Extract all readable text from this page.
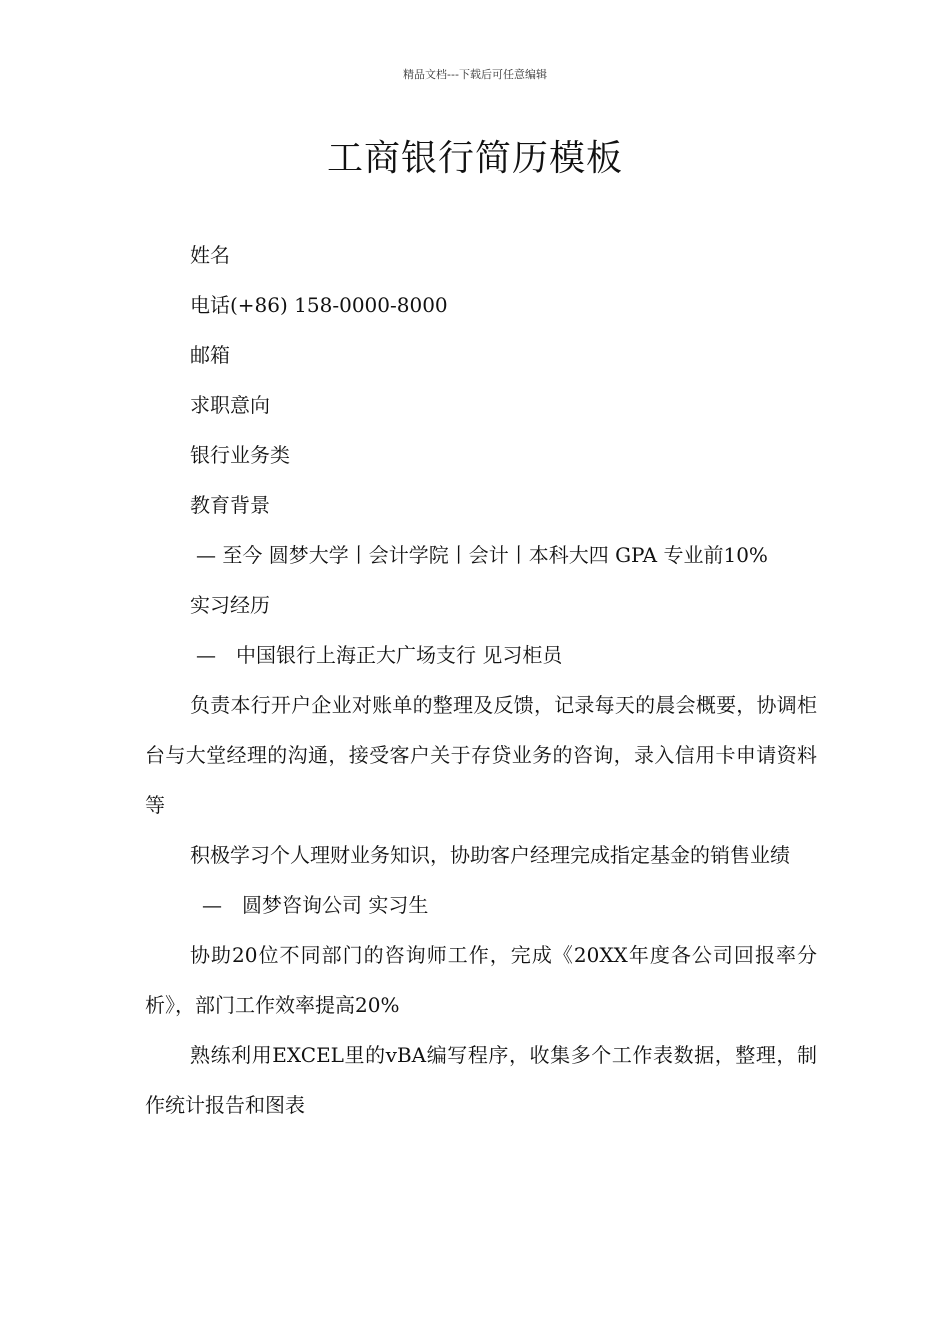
精品文档---下载后可任意编辑
工商银行简历模板

姓名

电话(+86) 158-0000-8000

邮箱

求职意向

银行业务类

教育背景

— 至今 圆梦大学丨会计学院丨会计丨本科大四 GPA 专业前10%

实习经历

— 中国银行上海正大广场支行 见习柜员

负责本行开户企业对账单的整理及反馈，记录每天的晨会概要，协调柜台与大堂经理的沟通，接受客户关于存贷业务的咨询，录入信用卡申请资料等

积极学习个人理财业务知识，协助客户经理完成指定基金的销售业绩

— 圆梦咨询公司 实习生

协助20位不同部门的咨询师工作，完成《20XX年度各公司回报率分析》，部门工作效率提高20%

熟练利用EXCEL里的vBA编写程序，收集多个工作表数据，整理，制作统计报告和图表
